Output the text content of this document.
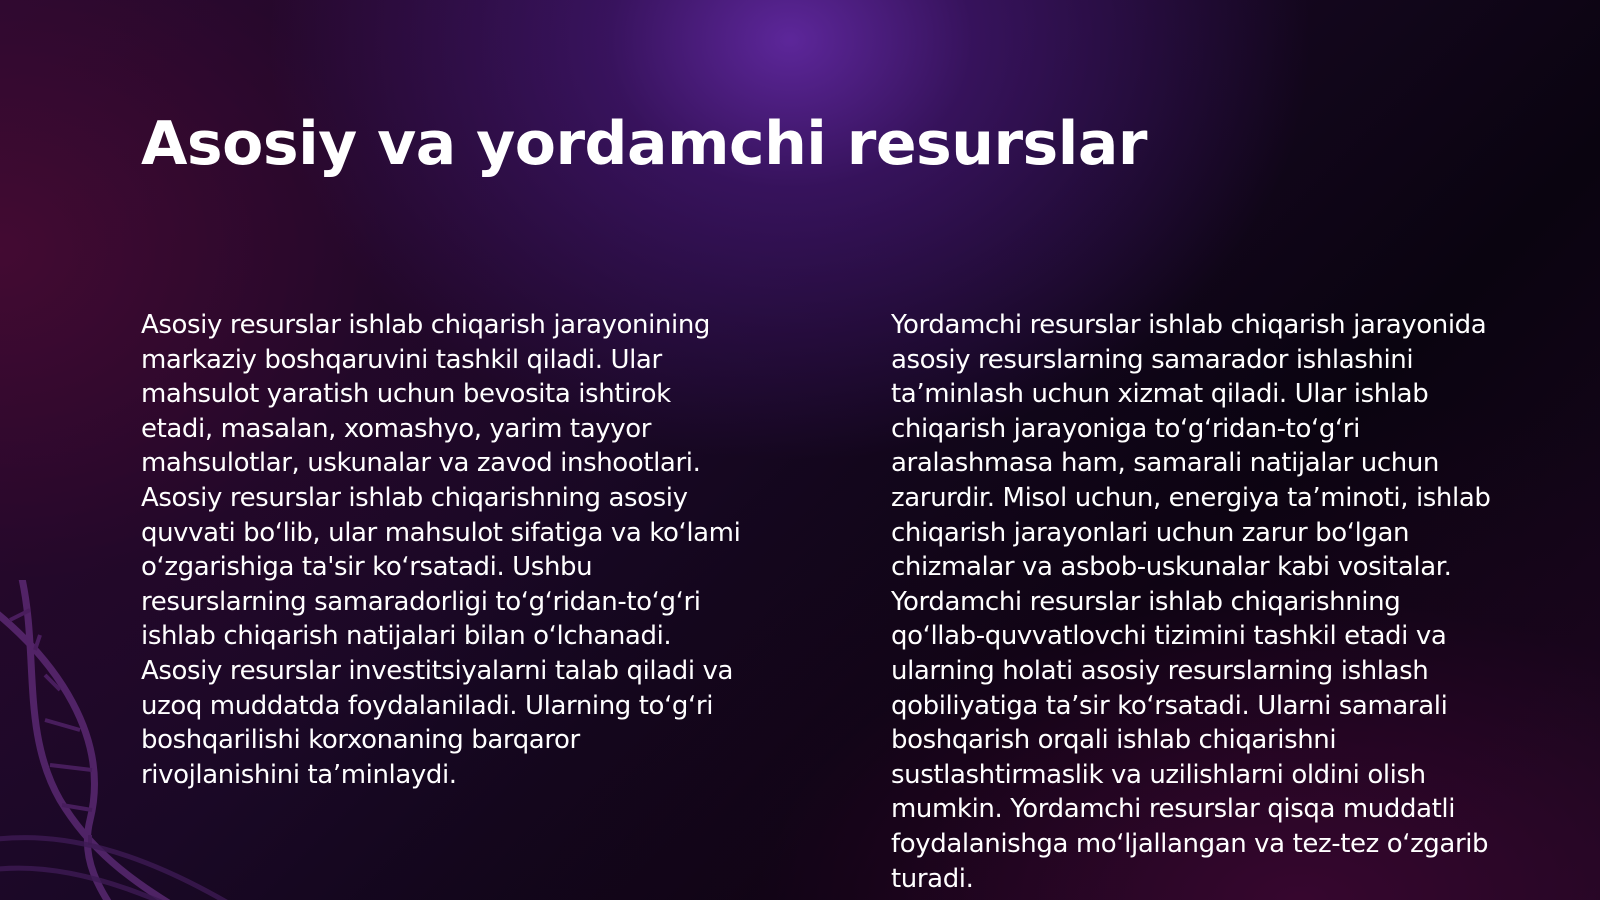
Asosiy va yordamchi resurslar

Asosiy resurslar ishlab chiqarish jarayonining markaziy boshqaruvini tashkil qiladi. Ular mahsulot yaratish uchun bevosita ishtirok etadi, masalan, xomashyo, yarim tayyor mahsulotlar, uskunalar va zavod inshootlari. Asosiy resurslar ishlab chiqarishning asosiy quvvati boʻlib, ular mahsulot sifatiga va koʻlami oʻzgarishiga ta'sir koʻrsatadi. Ushbu resurslarning samaradorligi toʻgʻridan-toʻgʻri ishlab chiqarish natijalari bilan oʻlchanadi. Asosiy resurslar investitsiyalarni talab qiladi va uzoq muddatda foydalaniladi. Ularning toʻgʻri boshqarilishi korxonaning barqaror rivojlanishini taʼminlaydi.

Yordamchi resurslar ishlab chiqarish jarayonida asosiy resurslarning samarador ishlashini taʼminlash uchun xizmat qiladi. Ular ishlab chiqarish jarayoniga toʻgʻridan-toʻgʻri aralashmasa ham, samarali natijalar uchun zarurdir. Misol uchun, energiya taʼminoti, ishlab chiqarish jarayonlari uchun zarur boʻlgan chizmalar va asbob-uskunalar kabi vositalar. Yordamchi resurslar ishlab chiqarishning qoʻllab-quvvatlovchi tizimini tashkil etadi va ularning holati asosiy resurslarning ishlash qobiliyatiga taʼsir koʻrsatadi. Ularni samarali boshqarish orqali ishlab chiqarishni sustlashtirmaslik va uzilishlarni oldini olish mumkin. Yordamchi resurslar qisqa muddatli foydalanishga moʻljallangan va tez-tez oʻzgarib turadi.
